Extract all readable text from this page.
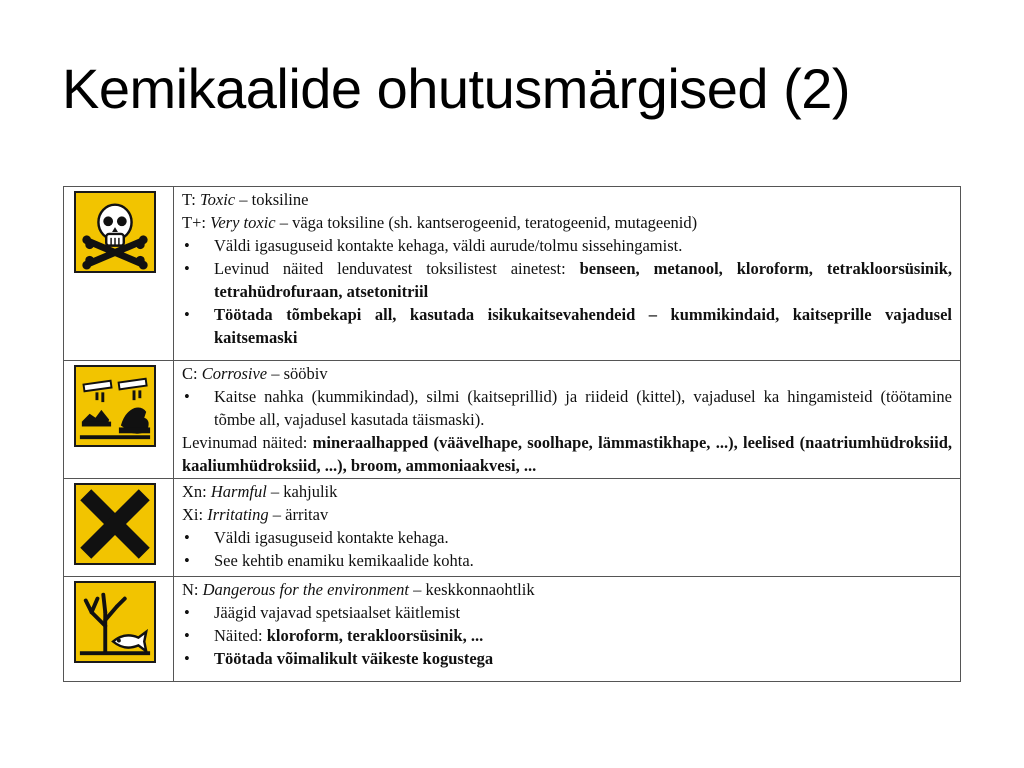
Kemikaalide ohutusmärgised (2)
T: Toxic – toksiline
T+: Very toxic – väga toksiline (sh. kantserogeenid, teratogeenid, mutageenid)
• Väldi igasuguseid kontakte kehaga, väldi aurude/tolmu sissehingamist.
• Levinud näited lenduvatest toksilistest ainetest: benseen, metanool, kloroform, tetrakloorsüsinik, tetrahüdrofuraan, atsetonitriil
• Töötada tõmbekapi all, kasutada isikukaitsevahendeid – kummikindaid, kaitseprille vajadusel kaitsemaski
C: Corrosive – sööbiv
• Kaitse nahka (kummikindad), silmi (kaitseprillid) ja riideid (kittel), vajadusel ka hingamisteid (töötamine tõmbe all, vajadusel kasutada täismaski).
Levinumad näited: mineraalhapped (väävelhape, soolhape, lämmastikhape, ...), leelised (naatriumhüdroksiid, kaaliumhüdroksiid, ...), broom, ammoniaakvesi, ...
Xn: Harmful – kahjulik
Xi: Irritating – ärritav
• Väldi igasuguseid kontakte kehaga.
• See kehtib enamiku kemikaalide kohta.
N: Dangerous for the environment – keskkonnaohtlik
• Jäägid vajavad spetsiaalset käitlemist
• Näited: kloroform, terakloorsüsinik, ...
• Töötada võimalikult väikeste kogustega
